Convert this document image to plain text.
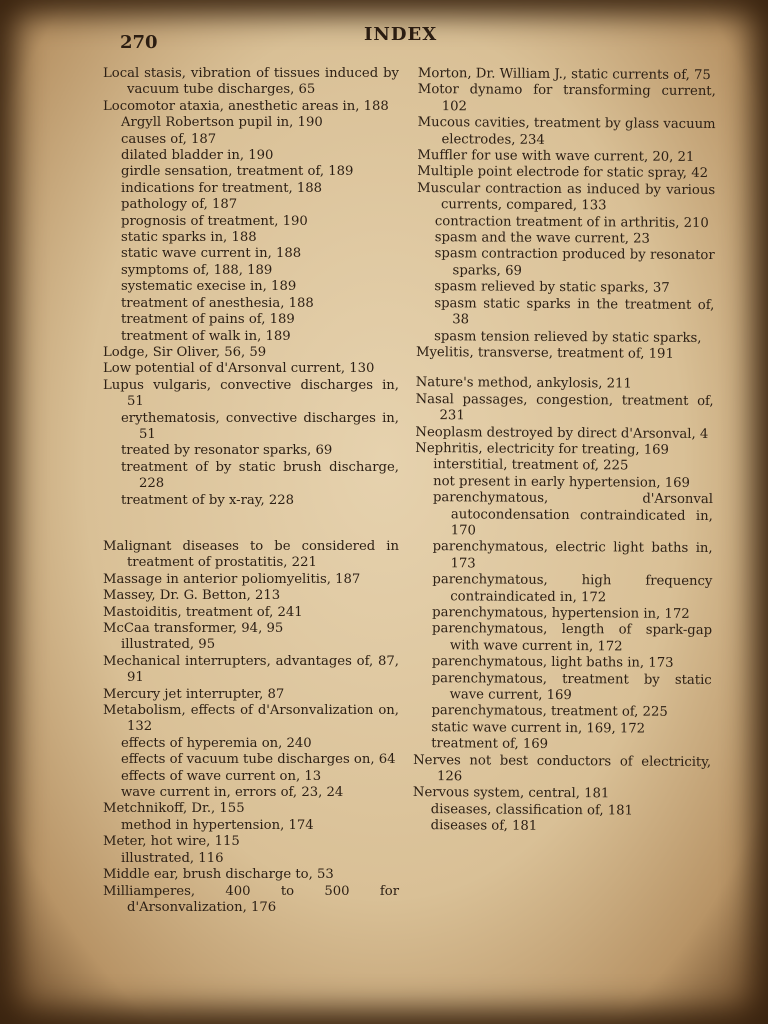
270	INDEX
Local stasis, vibration of tissues induced by vacuum tube discharges, 65
Locomotor ataxia, anesthetic areas in, 188
Argyll Robertson pupil in, 190
causes of, 187
dilated bladder in, 190
girdle sensation, treatment of, 189
indications for treatment, 188
pathology of, 187
prognosis of treatment, 190
static sparks in, 188
static wave current in, 188
symptoms of, 188, 189
systematic execise in, 189
treatment of anesthesia, 188
treatment of pains of, 189
treatment of walk in, 189
Lodge, Sir Oliver, 56, 59
Low potential of d'Arsonval current, 130
Lupus vulgaris, convective discharges in, 51
erythematosis, convective discharges in, 51
treated by resonator sparks, 69
treatment of by static brush discharge, 228
treatment of by x-ray, 228
Malignant diseases to be considered in treatment of prostatitis, 221
Massage in anterior poliomyelitis, 187
Massey, Dr. G. Betton, 213
Mastoiditis, treatment of, 241
McCaa transformer, 94, 95
illustrated, 95
Mechanical interrupters, advantages of, 87, 91
Mercury jet interrupter, 87
Metabolism, effects of d'Arsonvalization on, 132
effects of hyperemia on, 240
effects of vacuum tube discharges on, 64
effects of wave current on, 13
wave current in, errors of, 23, 24
Metchnikoff, Dr., 155
method in hypertension, 174
Meter, hot wire, 115
illustrated, 116
Middle ear, brush discharge to, 53
Milliamperes, 400 to 500 for d'Arsonvalization, 176
Morton, Dr. William J., static currents of, 75
Motor dynamo for transforming current, 102
Mucous cavities, treatment by glass vacuum electrodes, 234
Muffler for use with wave current, 20, 21
Multiple point electrode for static spray, 42
Muscular contraction as induced by various currents, compared, 133
contraction treatment of in arthritis, 210
spasm and the wave current, 23
spasm contraction produced by resonator sparks, 69
spasm relieved by static sparks, 37
spasm static sparks in the treatment of, 38
spasm tension relieved by static sparks,
Myelitis, transverse, treatment of, 191
Nature's method, ankylosis, 211
Nasal passages, congestion, treatment of, 231
Neoplasm destroyed by direct d'Arsonval, 4
Nephritis, electricity for treating, 169
interstitial, treatment of, 225
not present in early hypertension, 169
parenchymatous, d'Arsonval autocondensation contraindicated in, 170
parenchymatous, electric light baths in, 173
parenchymatous, high frequency contraindicated in, 172
parenchymatous, hypertension in, 172
parenchymatous, length of spark-gap with wave current in, 172
parenchymatous, light baths in, 173
parenchymatous, treatment by static wave current, 169
parenchymatous, treatment of, 225
static wave current in, 169, 172
treatment of, 169
Nerves not best conductors of electricity, 126
Nervous system, central, 181
diseases, classification of, 181
diseases of, 181
